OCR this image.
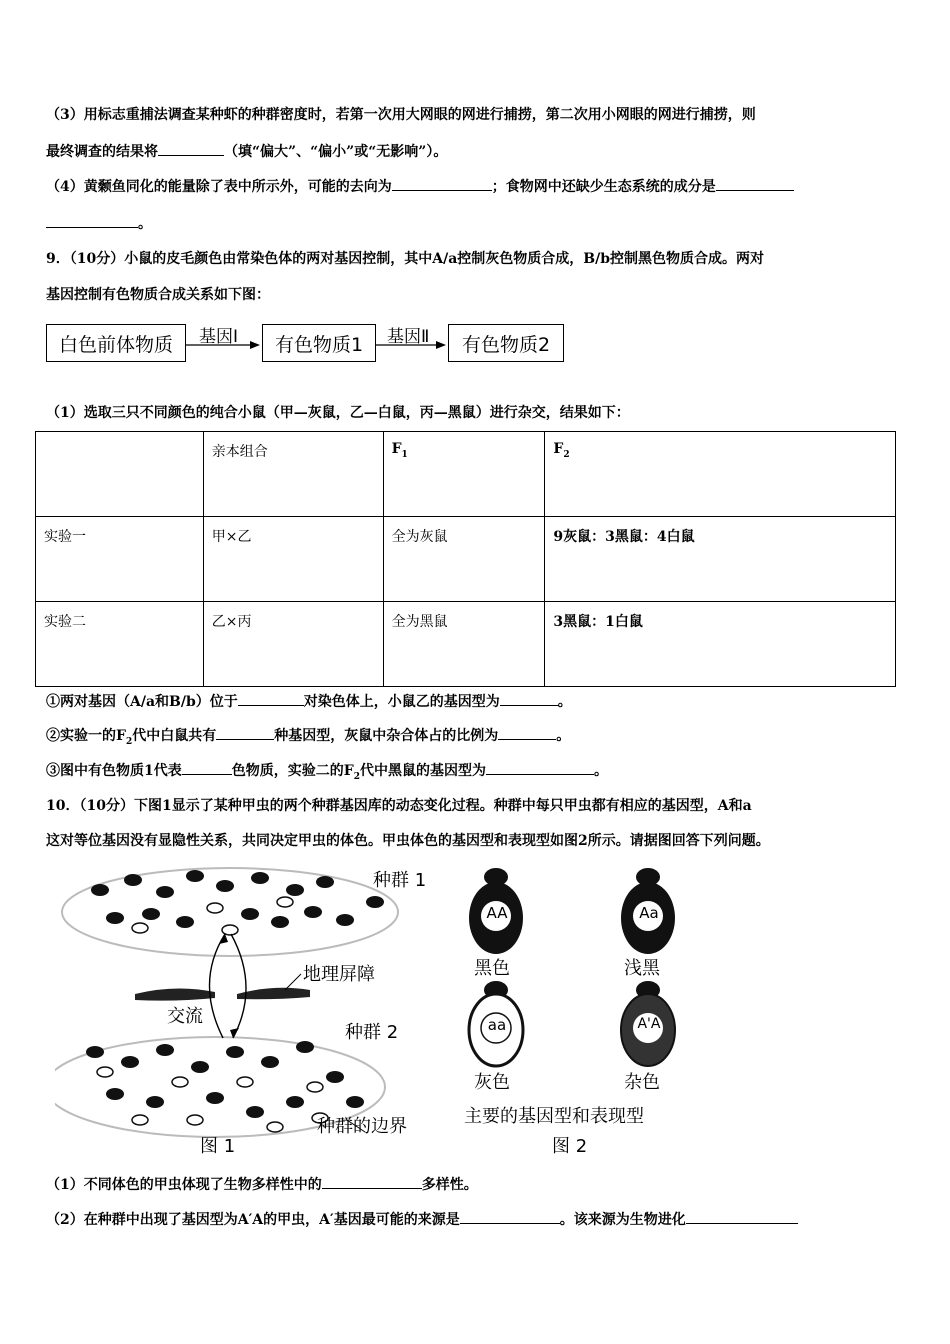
（3）用标志重捕法调查某种虾的种群密度时，若第一次用大网眼的网进行捕捞，第二次用小网眼的网进行捕捞，则
最终调查的结果将	（填“偏大”、“偏小”或“无影响”）。
（4）黄颡鱼同化的能量除了表中所示外，可能的去向为	；食物网中还缺少生态系统的成分是
。
9．（10分）小鼠的皮毛颜色由常染色体的两对基因控制，其中A/a控制灰色物质合成，B/b控制黑色物质合成。两对
基因控制有色物质合成关系如下图：
白色前体物质 基因Ⅰ 有色物质1 基因Ⅱ 有色物质2
（1）选取三只不同颜色的纯合小鼠（甲—灰鼠，乙—白鼠，丙—黑鼠）进行杂交，结果如下：
	亲本组合	$F_1$	$F_2$
实验一	甲×乙	全为灰鼠	9灰鼠：3黑鼠：4白鼠
实验二	乙×丙	全为黑鼠	3黑鼠：1白鼠
①两对基因（A/a和B/b）位于	对染色体上，小鼠乙的基因型为	。
②实验一的$F_2$代中白鼠共有	种基因型，灰鼠中杂合体占的比例为	。
③图中有色物质1代表	色物质，实验二的$F_2$代中黑鼠的基因型为	。
10．（10分）下图1显示了某种甲虫的两个种群基因库的动态变化过程。种群中每只甲虫都有相应的基因型，A和a
这对等位基因没有显隐性关系，共同决定甲虫的体色。甲虫体色的基因型和表现型如图2所示。请据图回答下列问题。
种群 1
地理屏障
交流
种群 2
种群的边界
图 1
AA	Aa
aa	A'A
黑色	浅黑
灰色	杂色
主要的基因型和表现型
图 2
（1）不同体色的甲虫体现了生物多样性中的	多样性。
（2）在种群中出现了基因型为A′A的甲虫，A′基因最可能的来源是	。该来源为生物进化
